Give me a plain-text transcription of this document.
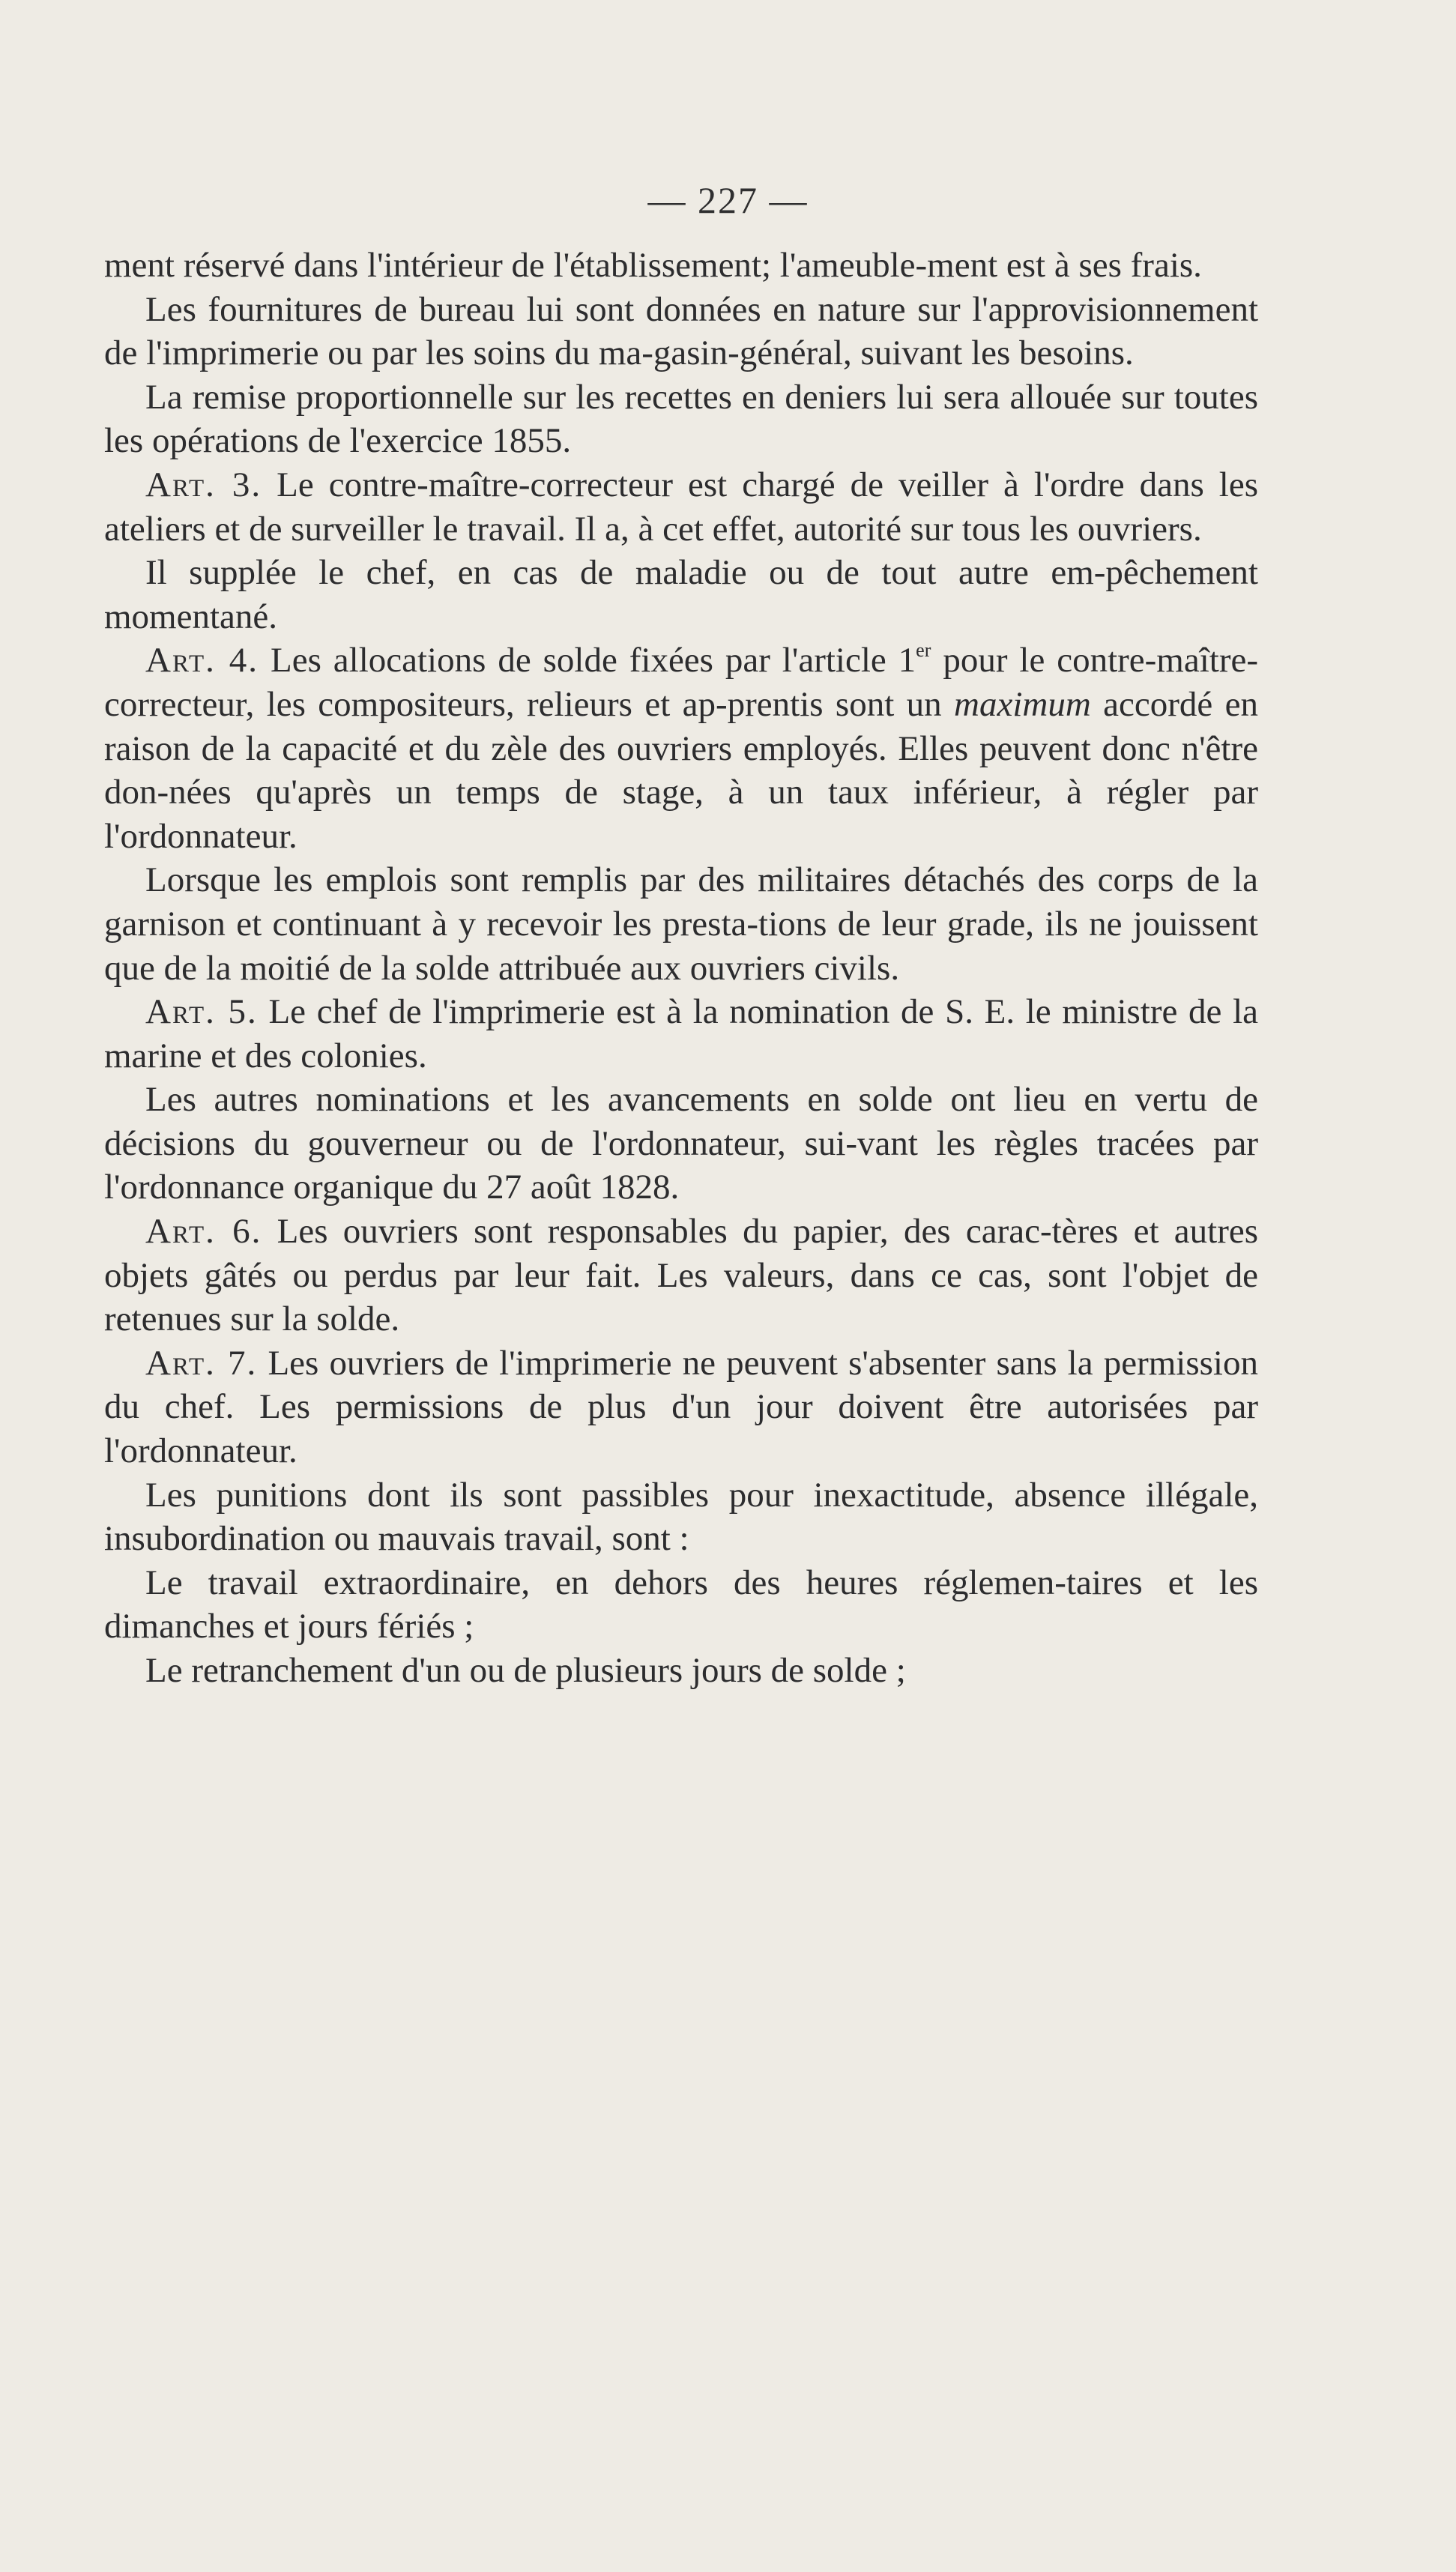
— 227 —

ment réservé dans l'intérieur de l'établissement; l'ameuble-ment est à ses frais.

Les fournitures de bureau lui sont données en nature sur l'approvisionnement de l'imprimerie ou par les soins du ma-gasin-général, suivant les besoins.

La remise proportionnelle sur les recettes en deniers lui sera allouée sur toutes les opérations de l'exercice 1855.

Art. 3. Le contre-maître-correcteur est chargé de veiller à l'ordre dans les ateliers et de surveiller le travail. Il a, à cet effet, autorité sur tous les ouvriers.

Il supplée le chef, en cas de maladie ou de tout autre em-pêchement momentané.

Art. 4. Les allocations de solde fixées par l'article 1er pour le contre-maître-correcteur, les compositeurs, relieurs et ap-prentis sont un maximum accordé en raison de la capacité et du zèle des ouvriers employés. Elles peuvent donc n'être don-nées qu'après un temps de stage, à un taux inférieur, à régler par l'ordonnateur.

Lorsque les emplois sont remplis par des militaires détachés des corps de la garnison et continuant à y recevoir les presta-tions de leur grade, ils ne jouissent que de la moitié de la solde attribuée aux ouvriers civils.

Art. 5. Le chef de l'imprimerie est à la nomination de S. E. le ministre de la marine et des colonies.

Les autres nominations et les avancements en solde ont lieu en vertu de décisions du gouverneur ou de l'ordonnateur, sui-vant les règles tracées par l'ordonnance organique du 27 août 1828.

Art. 6. Les ouvriers sont responsables du papier, des carac-tères et autres objets gâtés ou perdus par leur fait. Les valeurs, dans ce cas, sont l'objet de retenues sur la solde.

Art. 7. Les ouvriers de l'imprimerie ne peuvent s'absenter sans la permission du chef. Les permissions de plus d'un jour doivent être autorisées par l'ordonnateur.

Les punitions dont ils sont passibles pour inexactitude, absence illégale, insubordination ou mauvais travail, sont :

Le travail extraordinaire, en dehors des heures réglemen-taires et les dimanches et jours fériés ;

Le retranchement d'un ou de plusieurs jours de solde ;
